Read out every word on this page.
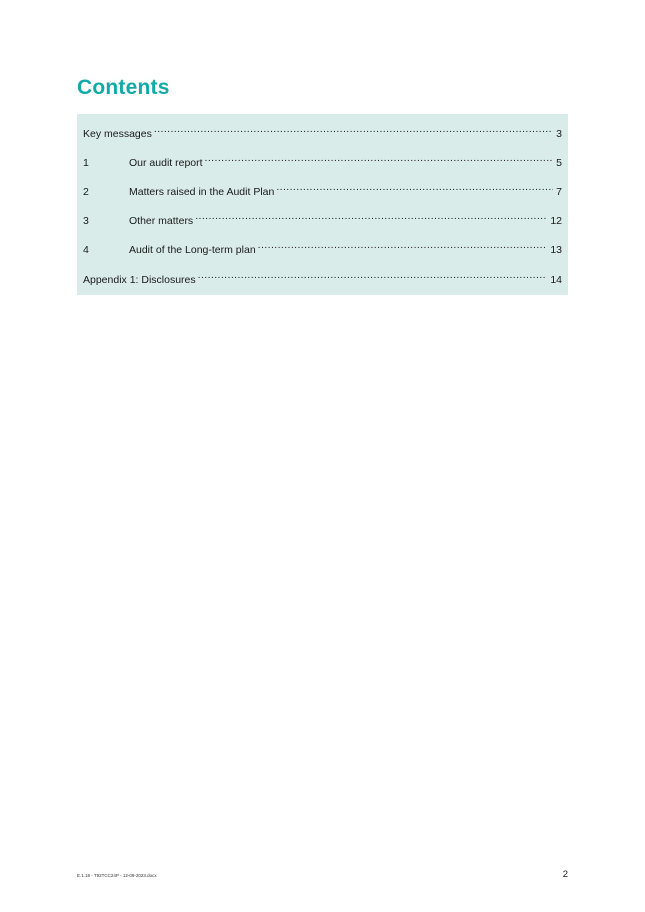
Contents
Key messages .....	3
1	Our audit report .....	5
2	Matters raised in the Audit Plan .....	7
3	Other matters .....	12
4	Audit of the Long-term plan .....	13
Appendix 1: Disclosures .....	14
E.1.18 - T92TCC24P - 12-09-2023.docx	2
